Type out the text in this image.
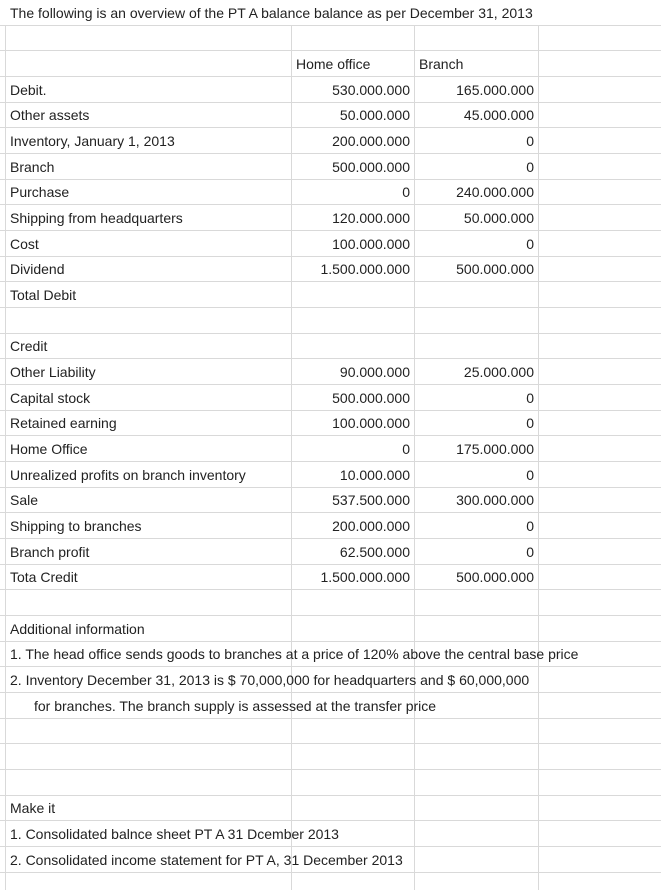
The following is an overview of the PT A balance balance as per December 31, 2013
Home office	Branch
Debit.	530.000.000	165.000.000
Other assets	50.000.000	45.000.000
Inventory, January 1, 2013	200.000.000	0
Branch	500.000.000	0
Purchase	0	240.000.000
Shipping from headquarters	120.000.000	50.000.000
Cost	100.000.000	0
Dividend	1.500.000.000	500.000.000
Total Debit
Credit
Other Liability	90.000.000	25.000.000
Capital stock	500.000.000	0
Retained earning	100.000.000	0
Home Office	0	175.000.000
Unrealized profits on branch inventory	10.000.000	0
Sale	537.500.000	300.000.000
Shipping to branches	200.000.000	0
Branch profit	62.500.000	0
Tota Credit	1.500.000.000	500.000.000
Additional information
1. The head office sends goods to branches at a price of 120% above the central base price
2. Inventory December 31, 2013 is $ 70,000,000 for headquarters and $ 60,000,000
for branches. The branch supply is assessed at the transfer price
Make it
1. Consolidated balnce sheet PT A 31 Dcember 2013
2. Consolidated income statement for PT A, 31 December 2013
